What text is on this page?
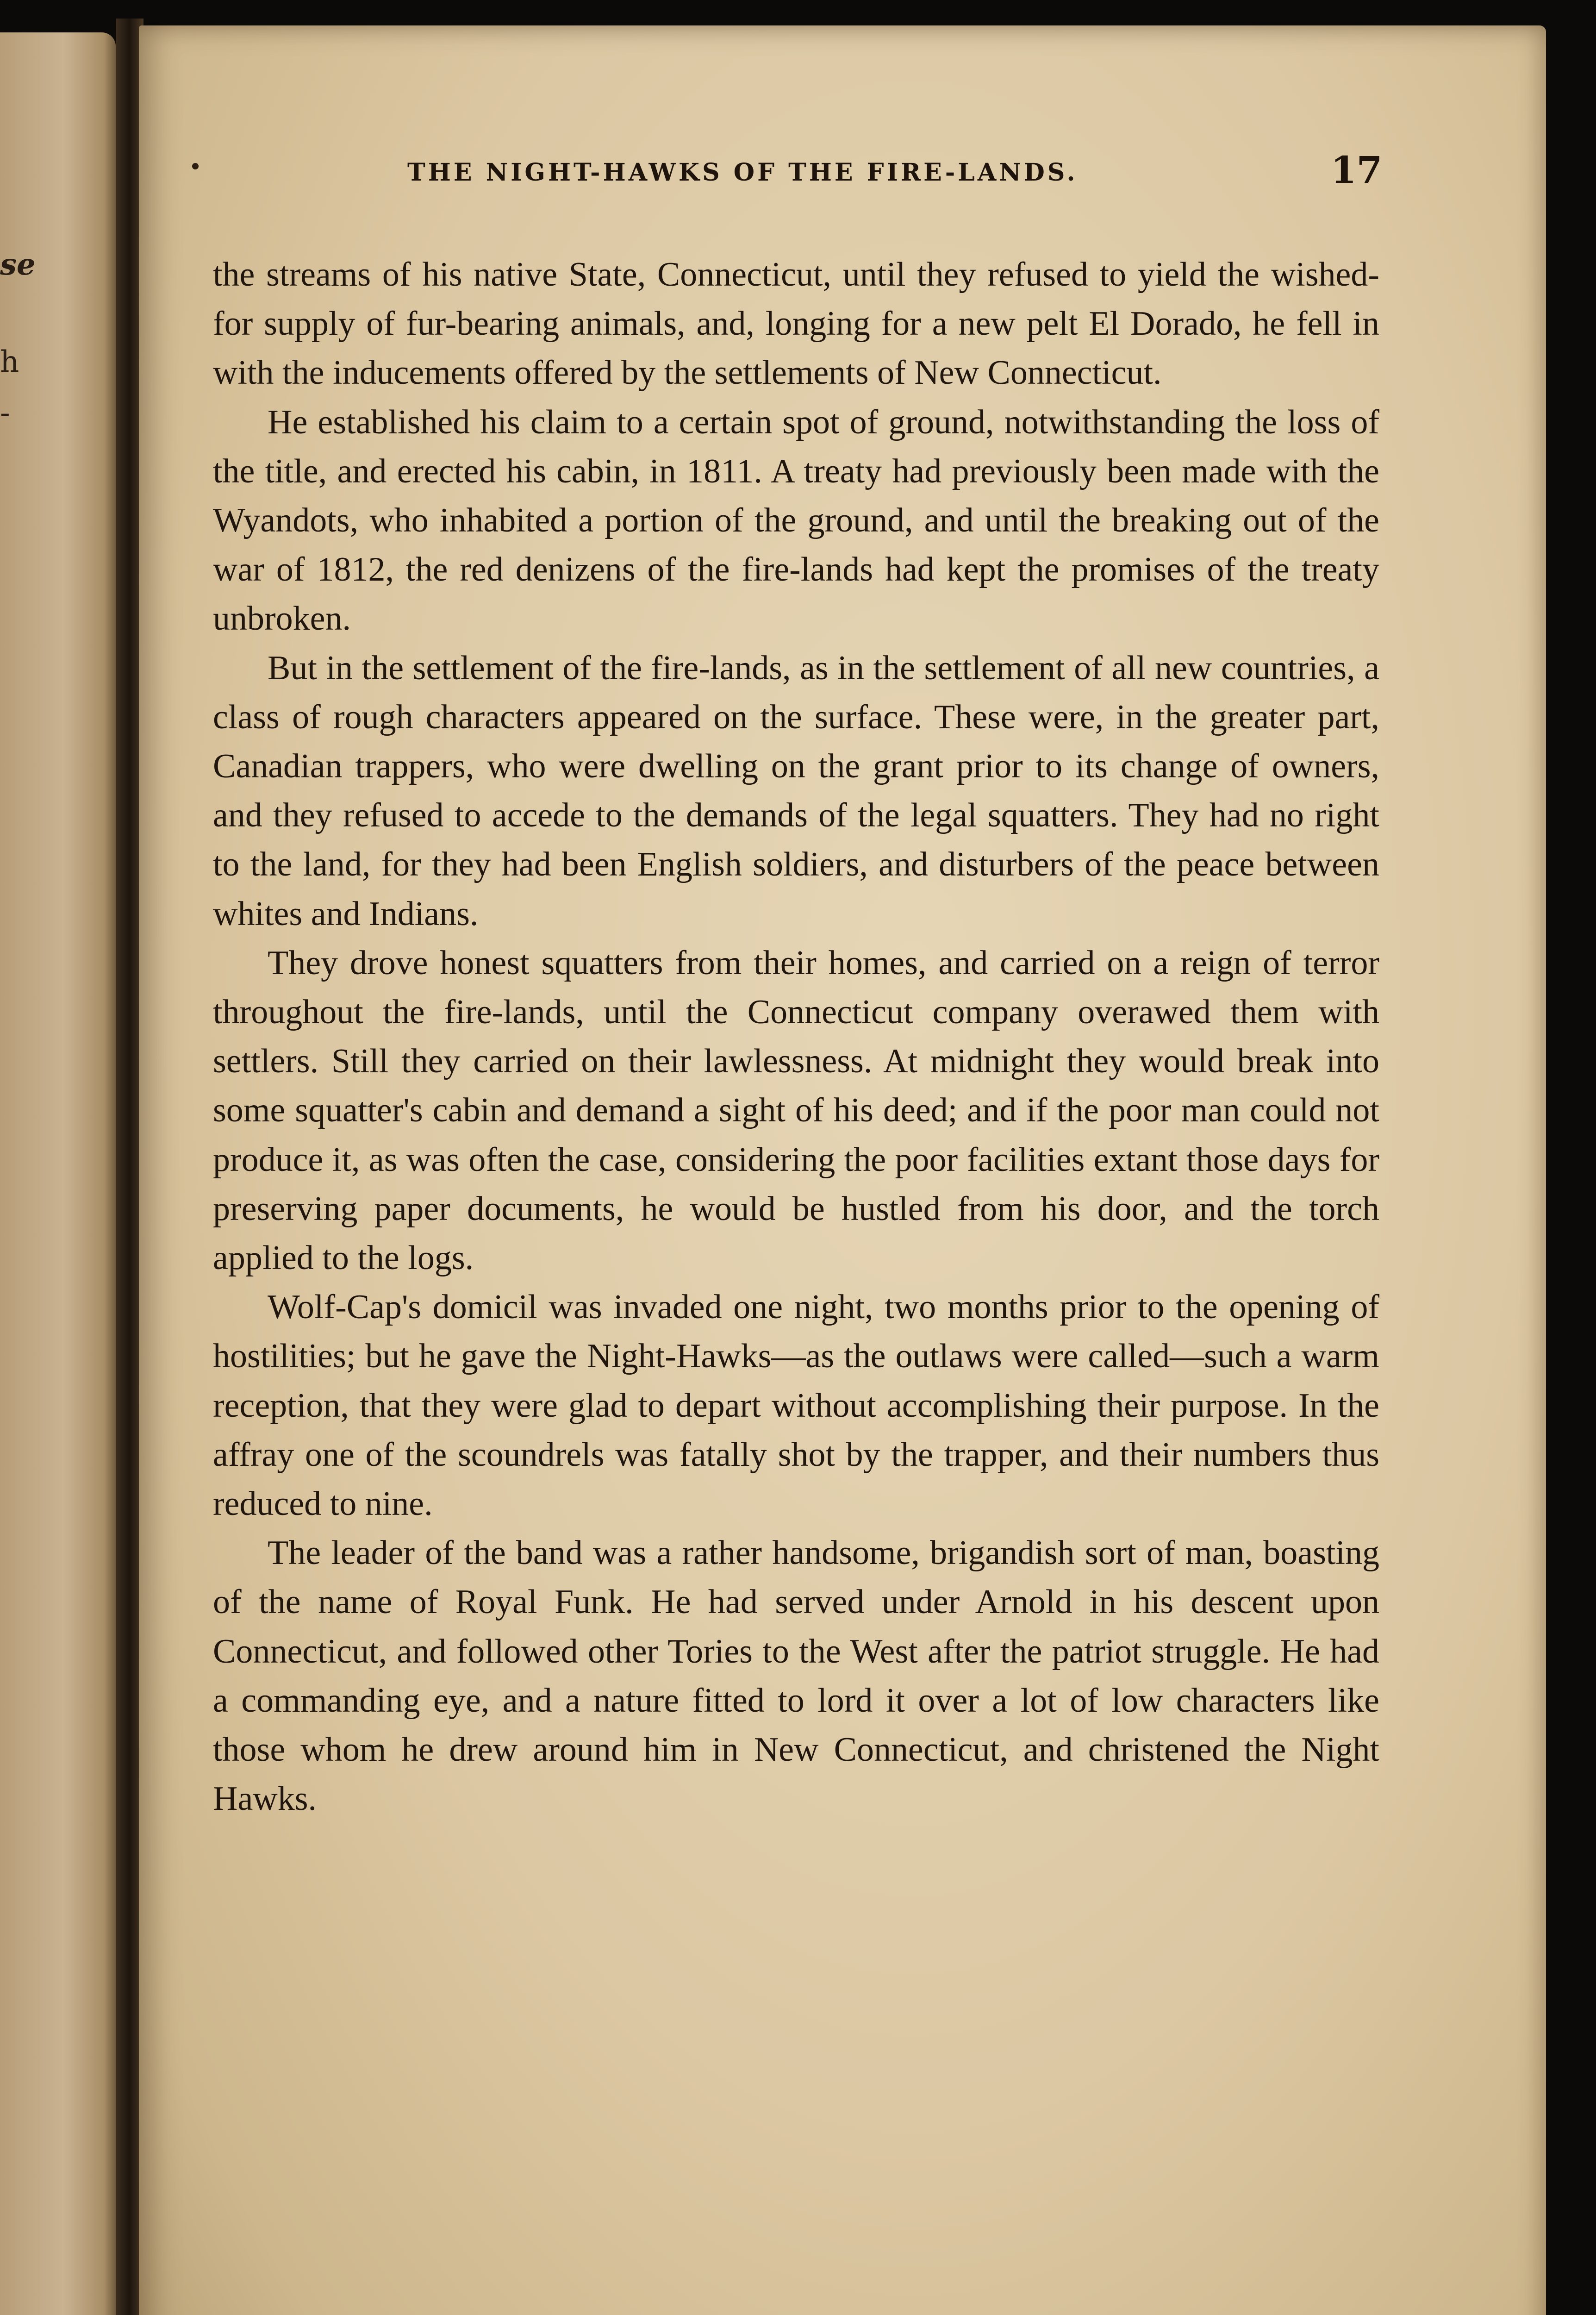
se
h
-
THE NIGHT-HAWKS OF THE FIRE-LANDS.	17

the streams of his native State, Connecticut, until they refused to yield the wished-for supply of fur-bearing animals, and, longing for a new pelt El Dorado, he fell in with the inducements offered by the settlements of New Connecticut.

He established his claim to a certain spot of ground, notwithstanding the loss of the title, and erected his cabin, in 1811. A treaty had previously been made with the Wyandots, who inhabited a portion of the ground, and until the breaking out of the war of 1812, the red denizens of the fire-lands had kept the promises of the treaty unbroken.

But in the settlement of the fire-lands, as in the settlement of all new countries, a class of rough characters appeared on the surface. These were, in the greater part, Canadian trappers, who were dwelling on the grant prior to its change of owners, and they refused to accede to the demands of the legal squatters. They had no right to the land, for they had been English soldiers, and disturbers of the peace between whites and Indians.

They drove honest squatters from their homes, and carried on a reign of terror throughout the fire-lands, until the Connecticut company overawed them with settlers. Still they carried on their lawlessness. At midnight they would break into some squatter's cabin and demand a sight of his deed; and if the poor man could not produce it, as was often the case, considering the poor facilities extant those days for preserving paper documents, he would be hustled from his door, and the torch applied to the logs.

Wolf-Cap's domicil was invaded one night, two months prior to the opening of hostilities; but he gave the Night-Hawks—as the outlaws were called—such a warm reception, that they were glad to depart without accomplishing their purpose. In the affray one of the scoundrels was fatally shot by the trapper, and their numbers thus reduced to nine.

The leader of the band was a rather handsome, brigandish sort of man, boasting of the name of Royal Funk. He had served under Arnold in his descent upon Connecticut, and followed other Tories to the West after the patriot struggle. He had a commanding eye, and a nature fitted to lord it over a lot of low characters like those whom he drew around him in New Connecticut, and christened the Night Hawks.
